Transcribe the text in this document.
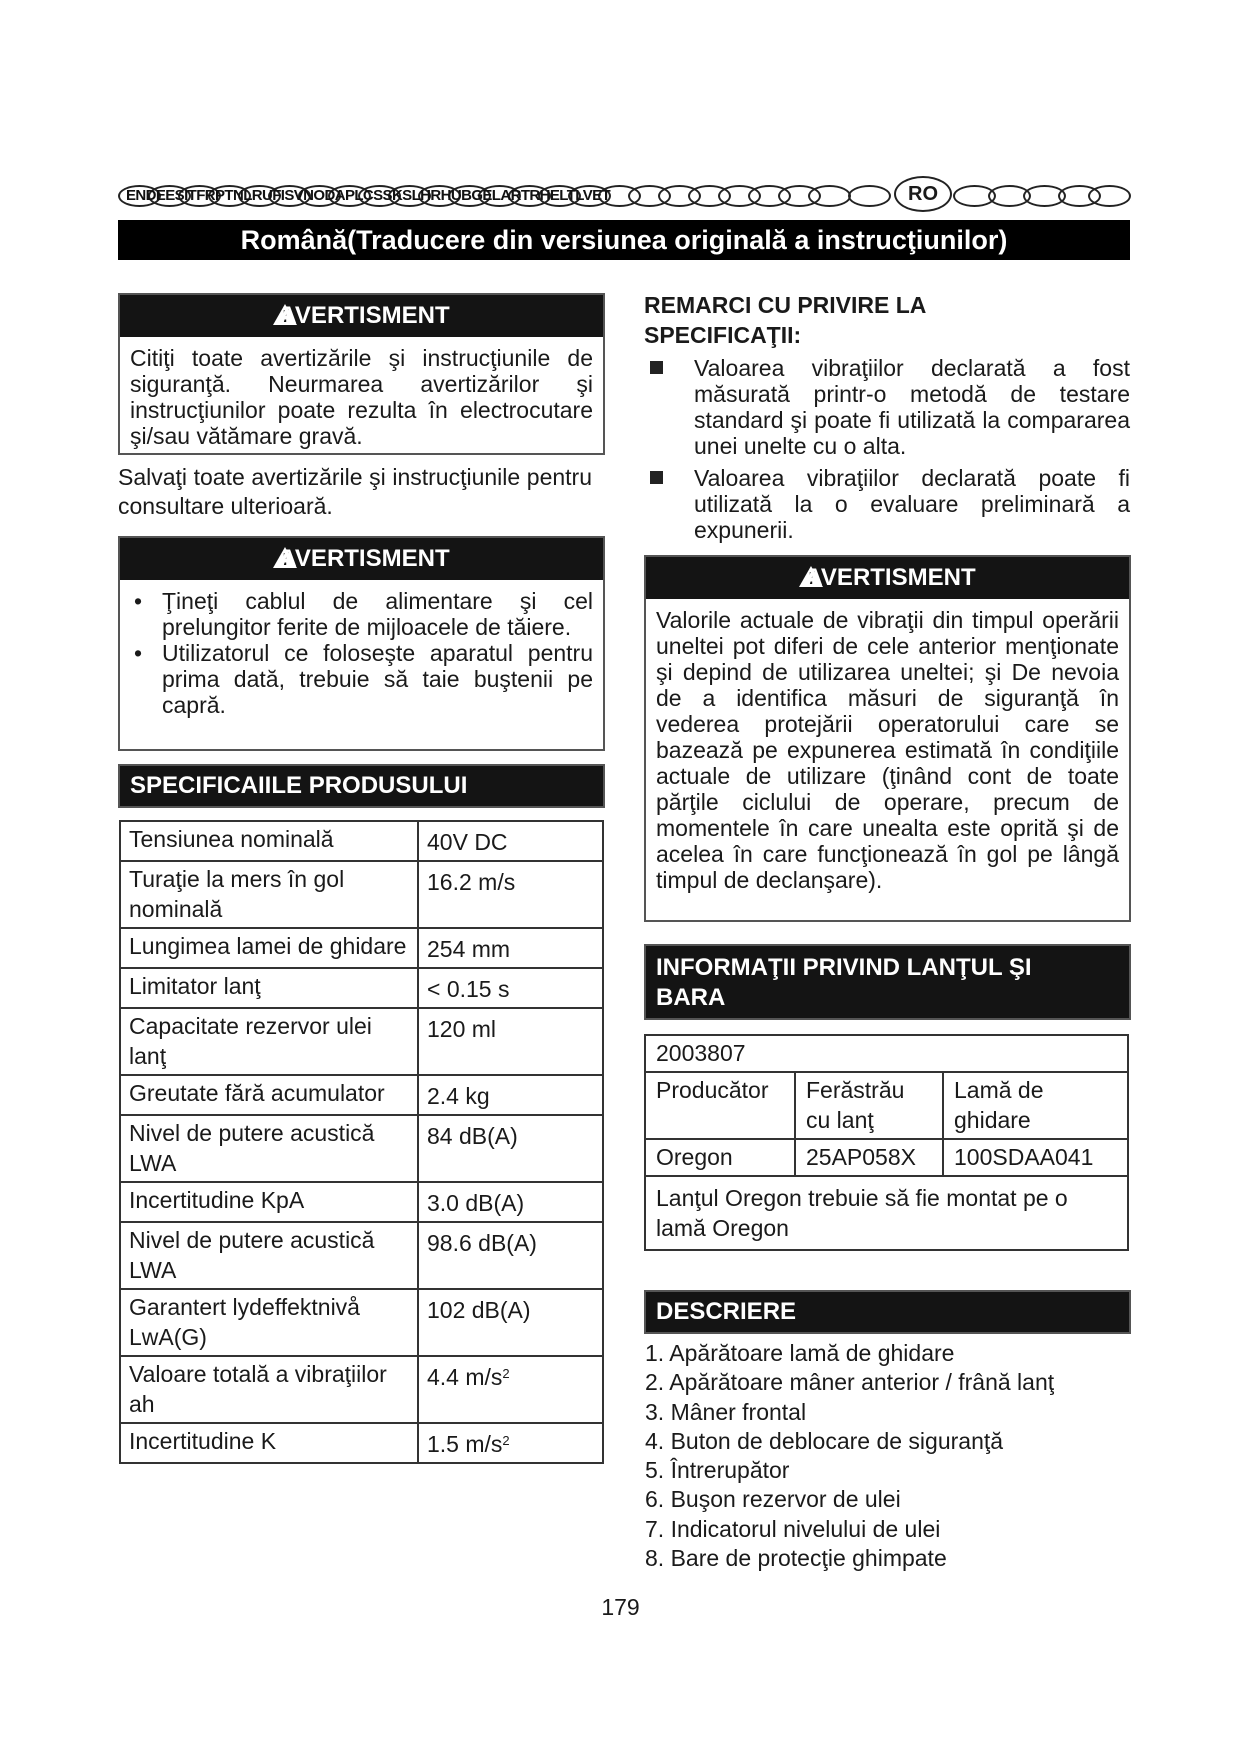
ENDEESITFRPTNLRUFISVNODAPLCSSKSLHRHUBGELARTRHELTLVET	RO
Română(Traducere din versiunea originală a instrucţiunilor)
AVERTISMENT
Citiţi toate avertizările şi instrucţiunile de siguranţă. Neurmarea avertizărilor şi instrucţiunilor poate rezulta în electrocutare şi/sau vătămare gravă.
Salvaţi toate avertizările şi instrucţiunile pentru consultare ulterioară.
AVERTISMENT
• Ţineţi cablul de alimentare şi cel prelungitor ferite de mijloacele de tăiere.
• Utilizatorul ce foloseşte aparatul pentru prima dată, trebuie să taie buştenii pe capră.
SPECIFICAIILE PRODUSULUI
Tensiunea nominală	40V DC
Turaţie la mers în gol nominală	16.2 m/s
Lungimea lamei de ghidare	254 mm
Limitator lanţ	< 0.15 s
Capacitate rezervor ulei lanţ	120 ml
Greutate fără acumulator	2.4 kg
Nivel de putere acustică LWA	84 dB(A)
Incertitudine KpA	3.0 dB(A)
Nivel de putere acustică LWA	98.6 dB(A)
Garantert lydeffektnivå LwA(G)	102 dB(A)
Valoare totală a vibraţiilor ah	4.4 $m/s^2$
Incertitudine K	1.5 $m/s^2$
REMARCI CU PRIVIRE LA
SPECIFICAŢII:
Valoarea vibraţiilor declarată a fost măsurată printr-o metodă de testare standard şi poate fi utilizată la compararea unei unelte cu o alta.
Valoarea vibraţiilor declarată poate fi utilizată la o evaluare preliminară a expunerii.
AVERTISMENT
Valorile actuale de vibraţii din timpul operării uneltei pot diferi de cele anterior menţionate şi depind de utilizarea uneltei; şi De nevoia de a identifica măsuri de siguranţă în vederea protejării operatorului care se bazează pe expunerea estimată în condiţiile actuale de utilizare (ţinând cont de toate părţile ciclului de operare, precum de momentele în care unealta este oprită şi de acelea în care funcţionează în gol pe lângă timpul de declanşare).
INFORMAŢII PRIVIND LANŢUL ŞI
BARA
2003807		
Producător	Ferăstrău cu lanţ	Lamă de ghidare
Oregon	25AP058X	100SDAA041
Lanţul Oregon trebuie să fie montat pe o lamă Oregon		
DESCRIERE
1. Apărătoare lamă de ghidare
2. Apărătoare mâner anterior / frână lanţ
3. Mâner frontal
4. Buton de deblocare de siguranţă
5. Întrerupător
6. Buşon rezervor de ulei
7. Indicatorul nivelului de ulei
8. Bare de protecţie ghimpate
179
